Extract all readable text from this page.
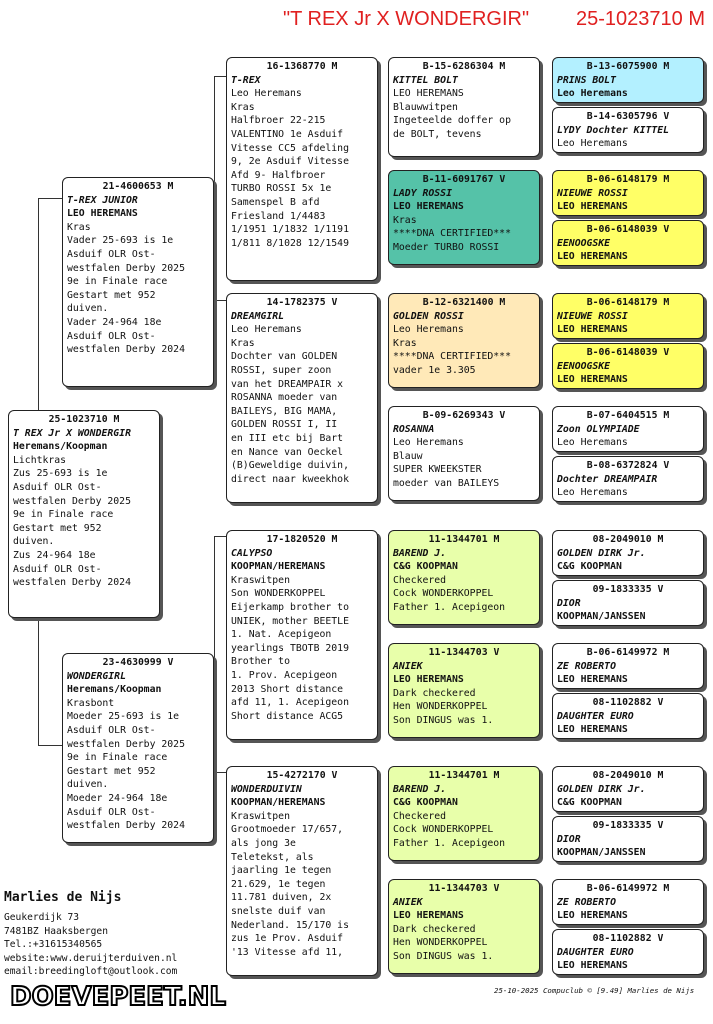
"T REX Jr X WONDERGIR" 25-1023710 M
25-1023710 M
T REX Jr X WONDERGIR
Heremans/Koopman
Lichtkras
Zus 25-693 is 1e
Asduif OLR Ost-
westfalen Derby 2025
9e in Finale race
Gestart met 952
duiven.
Zus 24-964 18e
Asduif OLR Ost-
westfalen Derby 2024
21-4600653 M
T-REX JUNIOR
LEO HEREMANS
Kras
Vader 25-693 is 1e
Asduif OLR Ost-
westfalen Derby 2025
9e in Finale race
Gestart met 952
duiven.
Vader 24-964 18e
Asduif OLR Ost-
westfalen Derby 2024
23-4630999 V
WONDERGIRL
Heremans/Koopman
Krasbont
Moeder 25-693 is 1e
Asduif OLR Ost-
westfalen Derby 2025
9e in Finale race
Gestart met 952
duiven.
Moeder 24-964 18e
Asduif OLR Ost-
westfalen Derby 2024
16-1368770 M
T-REX
Leo Heremans
Kras
Halfbroer 22-215
VALENTINO 1e Asduif
Vitesse CC5 afdeling
9, 2e Asduif Vitesse
Afd 9- Halfbroer
TURBO ROSSI 5x 1e
Samenspel B afd
Friesland 1/4483
1/1951 1/1832 1/1191
1/811 8/1028 12/1549
14-1782375 V
DREAMGIRL
Leo Heremans
Kras
Dochter van GOLDEN
ROSSI, super zoon
van het DREAMPAIR x
ROSANNA moeder van
BAILEYS, BIG MAMA,
GOLDEN ROSSI I, II
en III etc bij Bart
en Nance van Oeckel
(B)Geweldige duivin,
direct naar kweekhok
17-1820520 M
CALYPSO
KOOPMAN/HEREMANS
Kraswitpen
Son WONDERKOPPEL
Eijerkamp brother to
UNIEK, mother BEETLE
1. Nat. Acepigeon
yearlings TBOTB 2019
Brother to
1. Prov. Acepigeon
2013 Short distance
afd 11, 1. Acepigeon
Short distance ACG5
15-4272170 V
WONDERDUIVIN
KOOPMAN/HEREMANS
Kraswitpen
Grootmoeder 17/657,
als jong 3e
Teletekst, als
jaarling 1e tegen
21.629, 1e tegen
11.781 duiven, 2x
snelste duif van
Nederland. 15/170 is
zus 1e Prov. Asduif
'13 Vitesse afd 11,
B-15-6286304 M
KITTEL BOLT
LEO HEREMANS
Blauwwitpen
Ingeteelde doffer op
de BOLT, tevens
B-11-6091767 V
LADY ROSSI
LEO HEREMANS
Kras
****DNA CERTIFIED***
Moeder TURBO ROSSI
B-12-6321400 M
GOLDEN ROSSI
Leo Heremans
Kras
****DNA CERTIFIED***
vader 1e 3.305
B-09-6269343 V
ROSANNA
Leo Heremans
Blauw
SUPER KWEEKSTER
moeder van BAILEYS
11-1344701 M
BAREND J.
C&G KOOPMAN
Checkered
Cock WONDERKOPPEL
Father 1. Acepigeon
11-1344703 V
ANIEK
LEO HEREMANS
Dark checkered
Hen WONDERKOPPEL
Son DINGUS was 1.
11-1344701 M
BAREND J.
C&G KOOPMAN
Checkered
Cock WONDERKOPPEL
Father 1. Acepigeon
11-1344703 V
ANIEK
LEO HEREMANS
Dark checkered
Hen WONDERKOPPEL
Son DINGUS was 1.
B-13-6075900 M
PRINS BOLT
Leo Heremans
B-14-6305796 V
LYDY Dochter KITTEL
Leo Heremans
B-06-6148179 M
NIEUWE ROSSI
LEO HEREMANS
B-06-6148039 V
EENOOGSKE
LEO HEREMANS
B-06-6148179 M
NIEUWE ROSSI
LEO HEREMANS
B-06-6148039 V
EENOOGSKE
LEO HEREMANS
B-07-6404515 M
Zoon OLYMPIADE
Leo Heremans
B-08-6372824 V
Dochter DREAMPAIR
Leo Heremans
08-2049010 M
GOLDEN DIRK Jr.
C&G KOOPMAN
09-1833335 V
DIOR
KOOPMAN/JANSSEN
B-06-6149972 M
ZE ROBERTO
LEO HEREMANS
08-1102882 V
DAUGHTER EURO
LEO HEREMANS
08-2049010 M
GOLDEN DIRK Jr.
C&G KOOPMAN
09-1833335 V
DIOR
KOOPMAN/JANSSEN
B-06-6149972 M
ZE ROBERTO
LEO HEREMANS
08-1102882 V
DAUGHTER EURO
LEO HEREMANS
Marlies de Nijs
Geukerdijk 73
7481BZ Haaksbergen
Tel.:+31615340565
website:www.deruijterduiven.nl
email:breedingloft@outlook.com
DOEVEPEET.NL	25-10-2025 Compuclub © [9.49] Marlies de Nijs
